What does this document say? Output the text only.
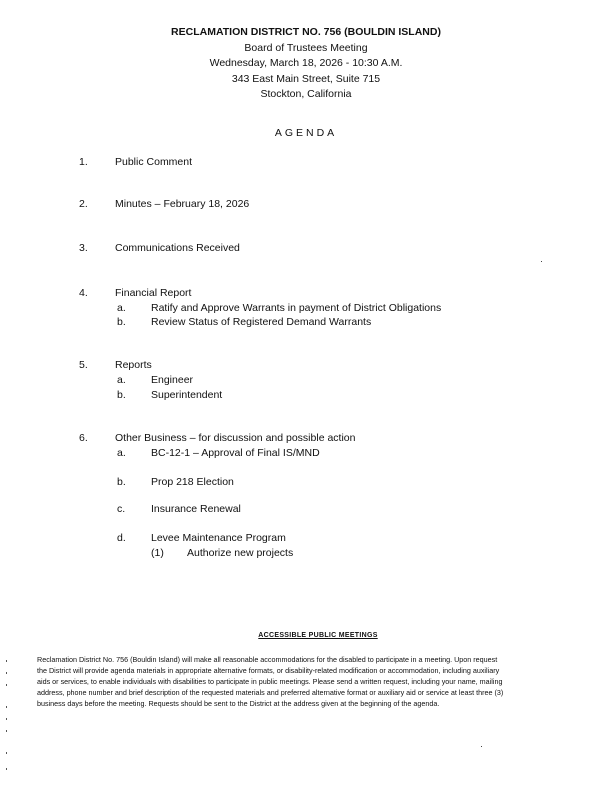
RECLAMATION DISTRICT NO. 756 (BOULDIN ISLAND)
Board of Trustees Meeting
Wednesday, March 18, 2026 - 10:30 A.M.
343 East Main Street, Suite 715
Stockton, California
AGENDA
1.	Public Comment
2.	Minutes – February 18, 2026
3.	Communications Received
4.	Financial Report
a. Ratify and Approve Warrants in payment of District Obligations
b. Review Status of Registered Demand Warrants
5.	Reports
a. Engineer
b. Superintendent
6.	Other Business – for discussion and possible action
a. BC-12-1 – Approval of Final IS/MND
b. Prop 218 Election
c. Insurance Renewal
d. Levee Maintenance Program
(1) Authorize new projects
ACCESSIBLE PUBLIC MEETINGS

Reclamation District No. 756 (Bouldin Island) will make all reasonable accommodations for the disabled to participate in a meeting. Upon request

the District will provide agenda materials in appropriate alternative formats, or disability-related modification or accommodation, including auxiliary

aids or services, to enable individuals with disabilities to participate in public meetings. Please send a written request, including your name, mailing

address, phone number and brief description of the requested materials and preferred alternative format or auxiliary aid or service at least three (3)

business days before the meeting. Requests should be sent to the District at the address given at the beginning of the agenda.
